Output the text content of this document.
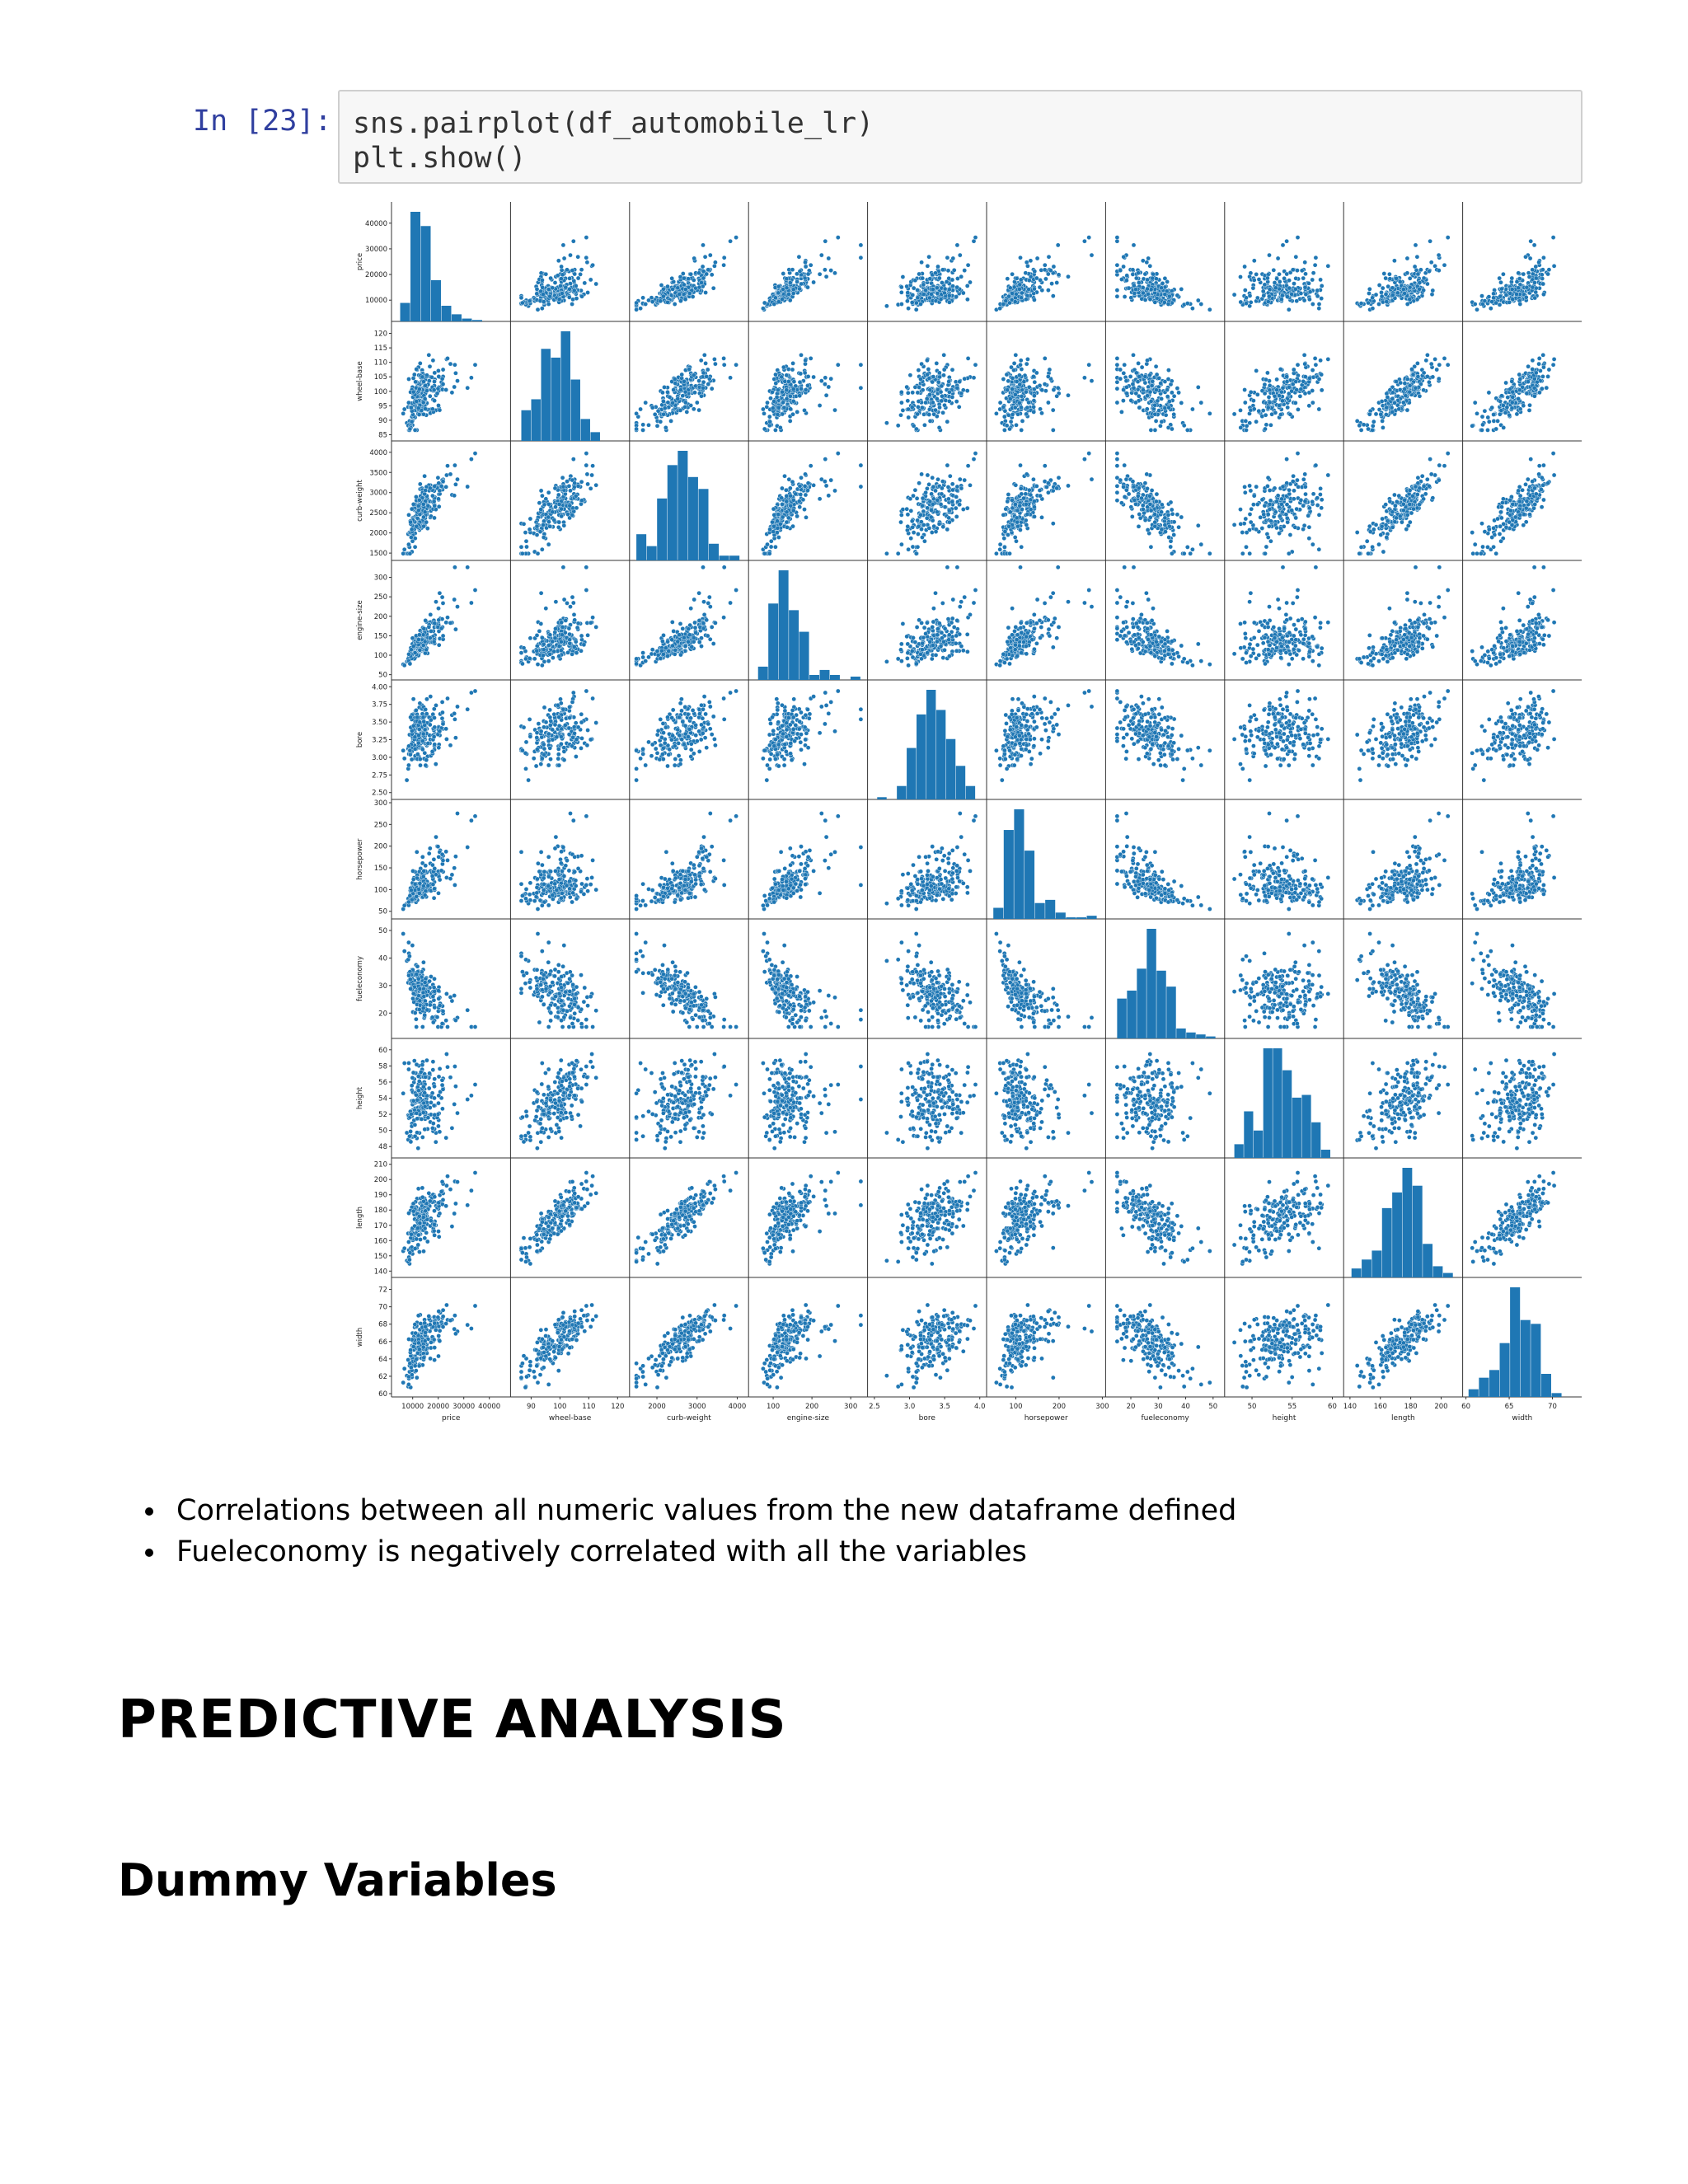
In [23]: sns.pairplot(df_automobile_lr)
plt.show()
10000
20000
30000
40000
price
85
90
95
100
105
110
115
120
wheel-base
1500
2000
2500
3000
3500
4000
curb-weight
50
100
150
200
250
300
engine-size
2.50
2.75
3.00
3.25
3.50
3.75
4.00
bore
50
100
150
200
250
300
horsepower
20
30
40
50
fueleconomy
48
50
52
54
56
58
60
height
140
150
160
170
180
190
200
210
length
60
62
64
66
68
70
72
width
10000 20000 30000 40000
price
90	100 110 120
wheel-base
2000	3000	4000
curb-weight
100	200	300
engine-size
2.5	3.0	3.5	4.0
bore
100	200	300
horsepower
20	30	40	50
fueleconomy
50	55	60
height
140 160 180 200
length
60	65	70
width
Correlations between all numeric values from the new dataframe defined
Fueleconomy is negatively correlated with all the variables
PREDICTIVE ANALYSIS
Dummy Variables
